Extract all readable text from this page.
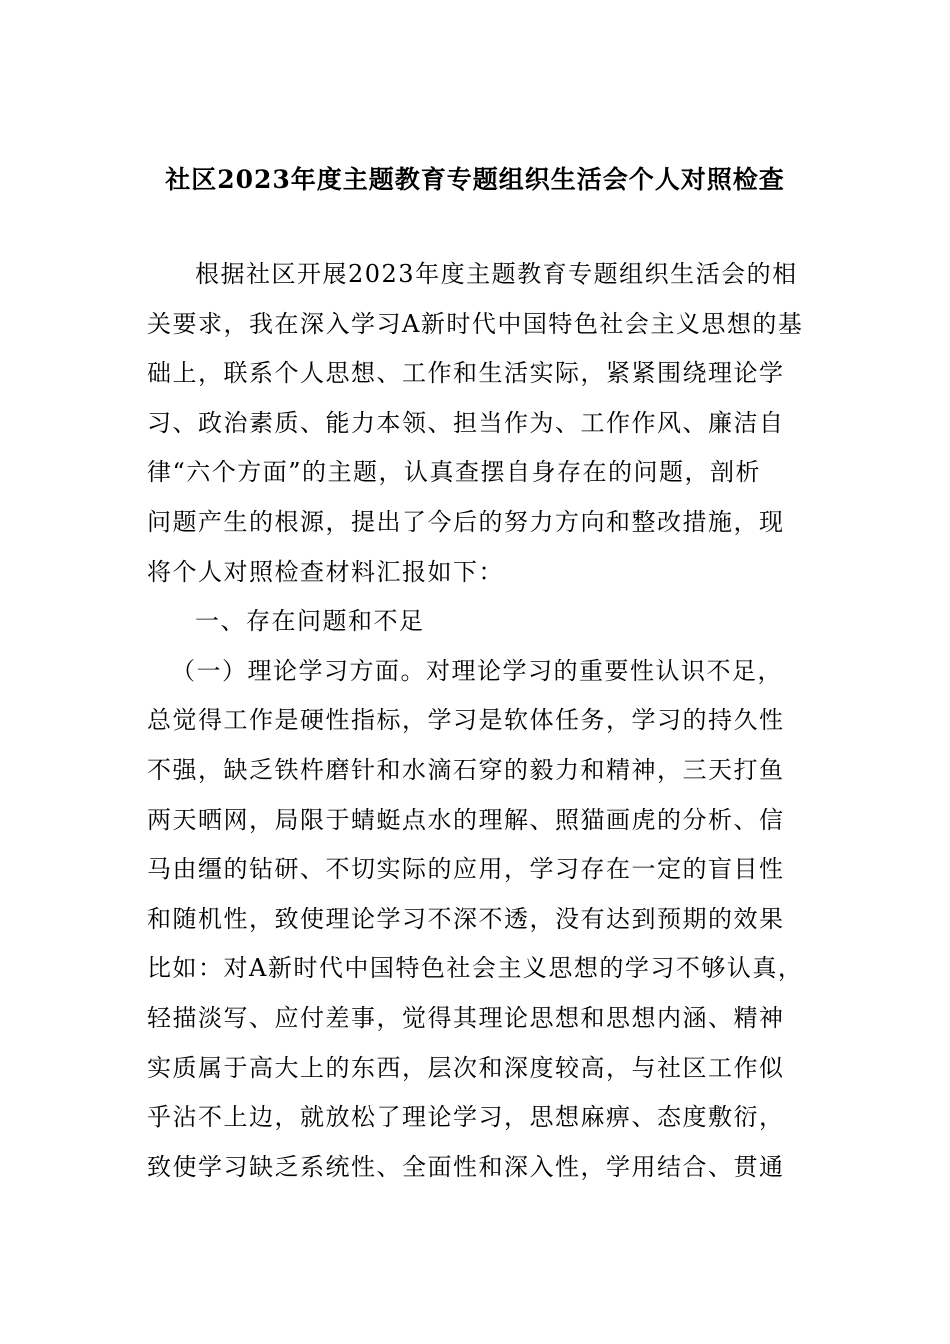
社区2023年度主题教育专题组织生活会个人对照检查
根据社区开展2023年度主题教育专题组织生活会的相
关要求，我在深入学习A新时代中国特色社会主义思想的基
础上，联系个人思想、工作和生活实际，紧紧围绕理论学
习、政治素质、能力本领、担当作为、工作作风、廉洁自
律“六个方面”的主题，认真查摆自身存在的问题，剖析
问题产生的根源，提出了今后的努力方向和整改措施，现
将个人对照检查材料汇报如下：
一、存在问题和不足
（一）理论学习方面。对理论学习的重要性认识不足，
总觉得工作是硬性指标，学习是软体任务，学习的持久性
不强，缺乏铁杵磨针和水滴石穿的毅力和精神，三天打鱼
两天晒网，局限于蜻蜓点水的理解、照猫画虎的分析、信
马由缰的钻研、不切实际的应用，学习存在一定的盲目性
和随机性，致使理论学习不深不透，没有达到预期的效果
比如：对A新时代中国特色社会主义思想的学习不够认真，
轻描淡写、应付差事，觉得其理论思想和思想内涵、精神
实质属于高大上的东西，层次和深度较高，与社区工作似
乎沾不上边，就放松了理论学习，思想麻痹、态度敷衍，
致使学习缺乏系统性、全面性和深入性，学用结合、贯通
